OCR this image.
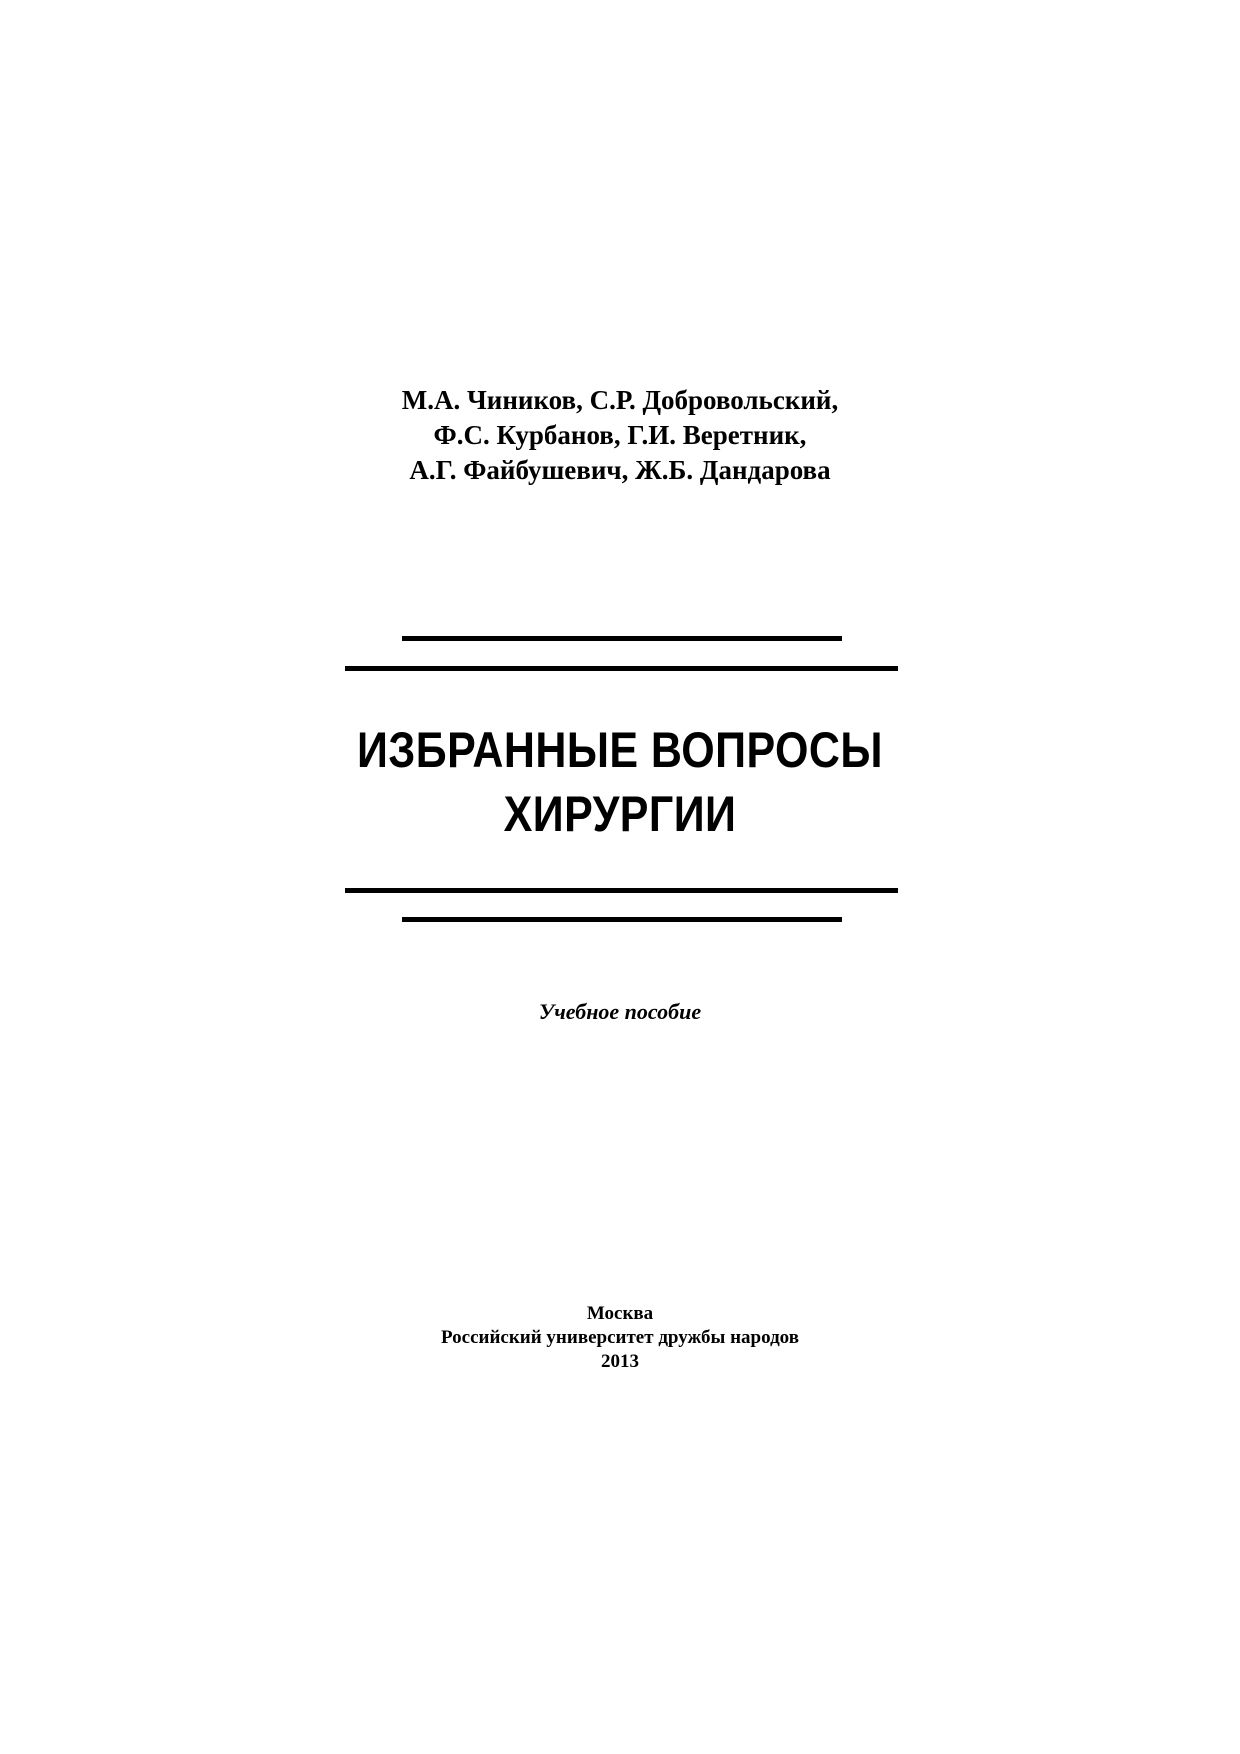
М.А. Чиников, С.Р. Добровольский,
Ф.С. Курбанов, Г.И. Веретник,
А.Г. Файбушевич, Ж.Б. Дандарова
ИЗБРАННЫЕ ВОПРОСЫ
ХИРУРГИИ
Учебное пособие
Москва
Российский университет дружбы народов
2013
